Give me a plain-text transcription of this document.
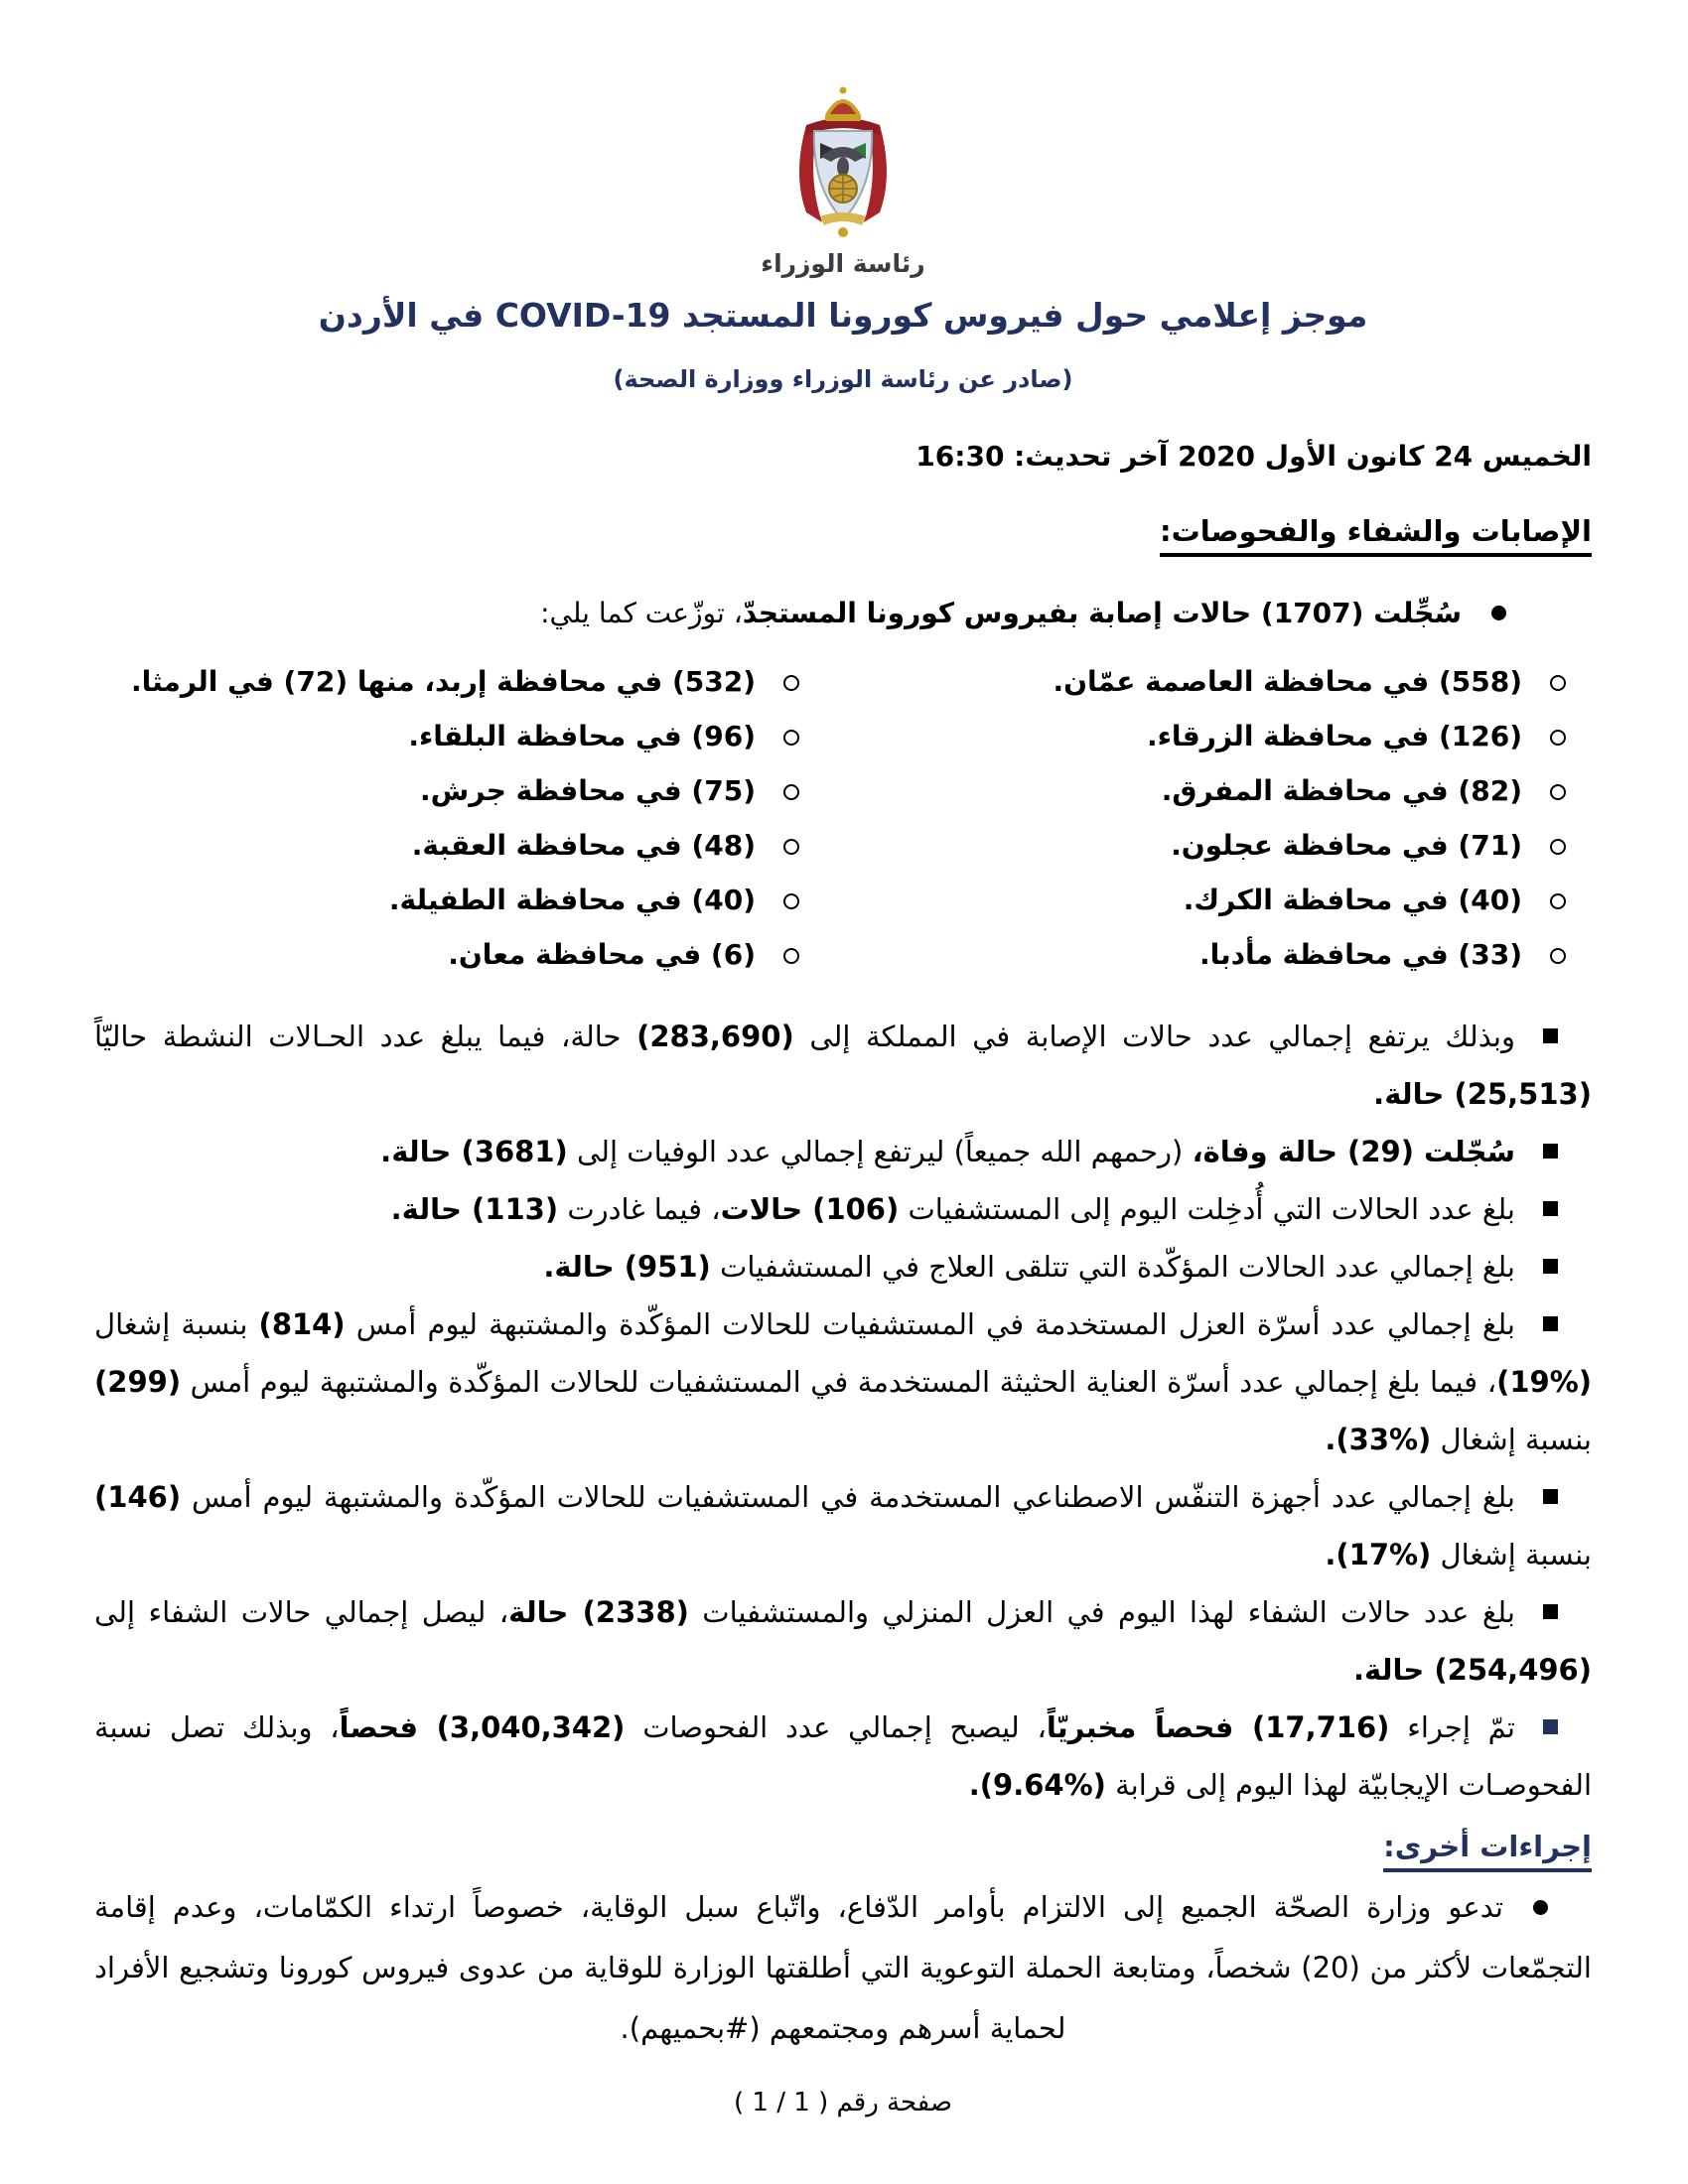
رئاسة الوزراء
موجز إعلامي حول فيروس كورونا المستجد COVID-19 في الأردن
(صادر عن رئاسة الوزراء ووزارة الصحة)
الخميس 24 كانون الأول 2020 آخر تحديث: 16:30
الإصابات والشفاء والفحوصات:
سُجِّلت (1707) حالات إصابة بفيروس كورونا المستجدّ، توزّعت كما يلي:
(558) في محافظة العاصمة عمّان.
(532) في محافظة إربد، منها (72) في الرمثا.
(126) في محافظة الزرقاء.
(96) في محافظة البلقاء.
(82) في محافظة المفرق.
(75) في محافظة جرش.
(71) في محافظة عجلون.
(48) في محافظة العقبة.
(40) في محافظة الكرك.
(40) في محافظة الطفيلة.
(33) في محافظة مأدبا.
(6) في محافظة معان.
وبذلك يرتفع إجمالي عدد حالات الإصابة في المملكة إلى (283,690) حالة، فيما يبلغ عدد الحـالات النشطة حاليّاً (25,513) حالة.
سُجّلت (29) حالة وفاة، (رحمهم الله جميعاً) ليرتفع إجمالي عدد الوفيات إلى (3681) حالة.
بلغ عدد الحالات التي أُدخِلت اليوم إلى المستشفيات (106) حالات، فيما غادرت (113) حالة.
بلغ إجمالي عدد الحالات المؤكّدة التي تتلقى العلاج في المستشفيات (951) حالة.
بلغ إجمالي عدد أسرّة العزل المستخدمة في المستشفيات للحالات المؤكّدة والمشتبهة ليوم أمس (814) بنسبة إشغال (%19)، فيما بلغ إجمالي عدد أسرّة العناية الحثيثة المستخدمة في المستشفيات للحالات المؤكّدة والمشتبهة ليوم أمس (299) بنسبة إشغال (%33).
بلغ إجمالي عدد أجهزة التنفّس الاصطناعي المستخدمة في المستشفيات للحالات المؤكّدة والمشتبهة ليوم أمس (146) بنسبة إشغال (%17).
بلغ عدد حالات الشفاء لهذا اليوم في العزل المنزلي والمستشفيات (2338) حالة، ليصل إجمالي حالات الشفاء إلى (254,496) حالة.
تمّ إجراء (17,716) فحصاً مخبريّاً، ليصبح إجمالي عدد الفحوصات (3,040,342) فحصاً، وبذلك تصل نسبة الفحوصـات الإيجابيّة لهذا اليوم إلى قرابة (%9.64).
إجراءات أخرى:
تدعو وزارة الصحّة الجميع إلى الالتزام بأوامر الدّفاع، واتّباع سبل الوقاية، خصوصاً ارتداء الكمّامات، وعدم إقامة التجمّعات لأكثر من (20) شخصاً، ومتابعة الحملة التوعوية التي أطلقتها الوزارة للوقاية من عدوى فيروس كورونا وتشجيع الأفراد لحماية أسرهم ومجتمعهم (#بحميهم).
صفحة رقم ( 1 / 1 )
